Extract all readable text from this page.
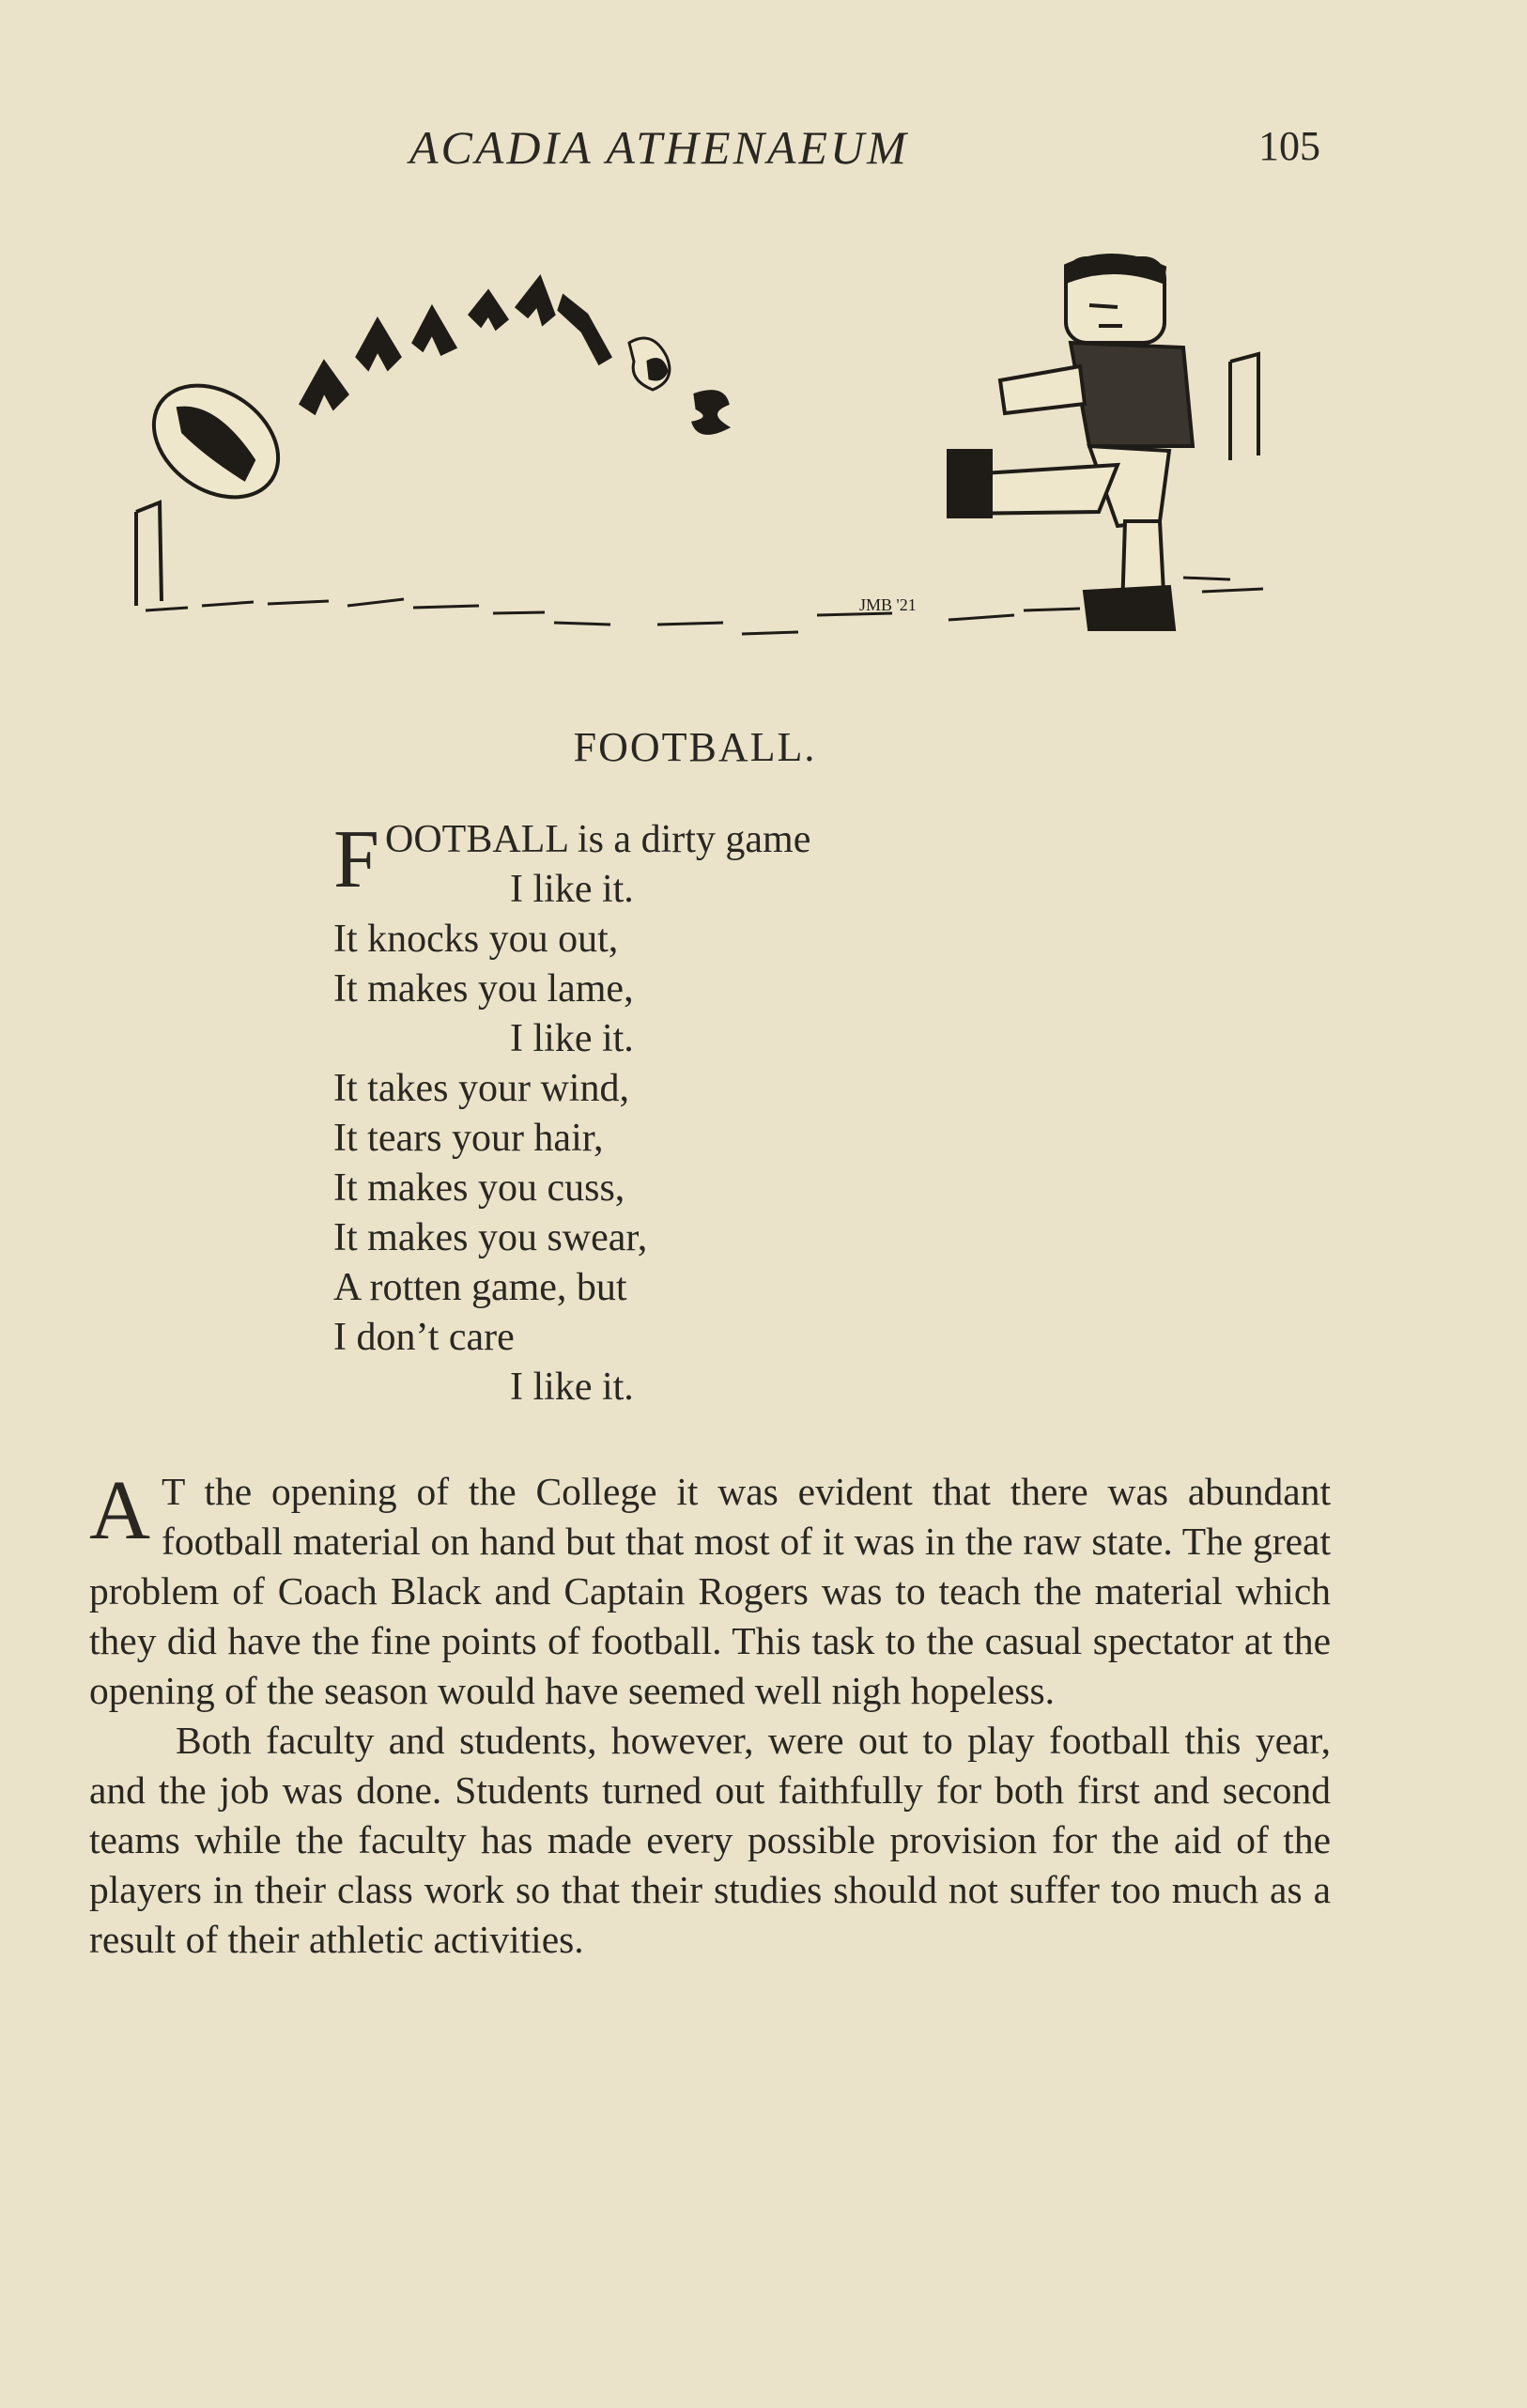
ACADIA ATHENAEUM	105
JMB '21
FOOTBALL.
F OOTBALL is a dirty game
I like it.
It knocks you out,
It makes you lame,
I like it.
It takes your wind,
It tears your hair,
It makes you cuss,
It makes you swear,
A rotten game, but
I don’t care
I like it.

A T the opening of the College it was evident that there was abundant football material on hand but that most of it was in the raw state. The great problem of Coach Black and Captain Rogers was to teach the material which they did have the fine points of football. This task to the casual spectator at the opening of the season would have seemed well nigh hopeless.

Both faculty and students, however, were out to play football this year, and the job was done. Students turned out faithfully for both first and second teams while the faculty has made every possible provision for the aid of the players in their class work so that their studies should not suffer too much as a result of their athletic activities.
